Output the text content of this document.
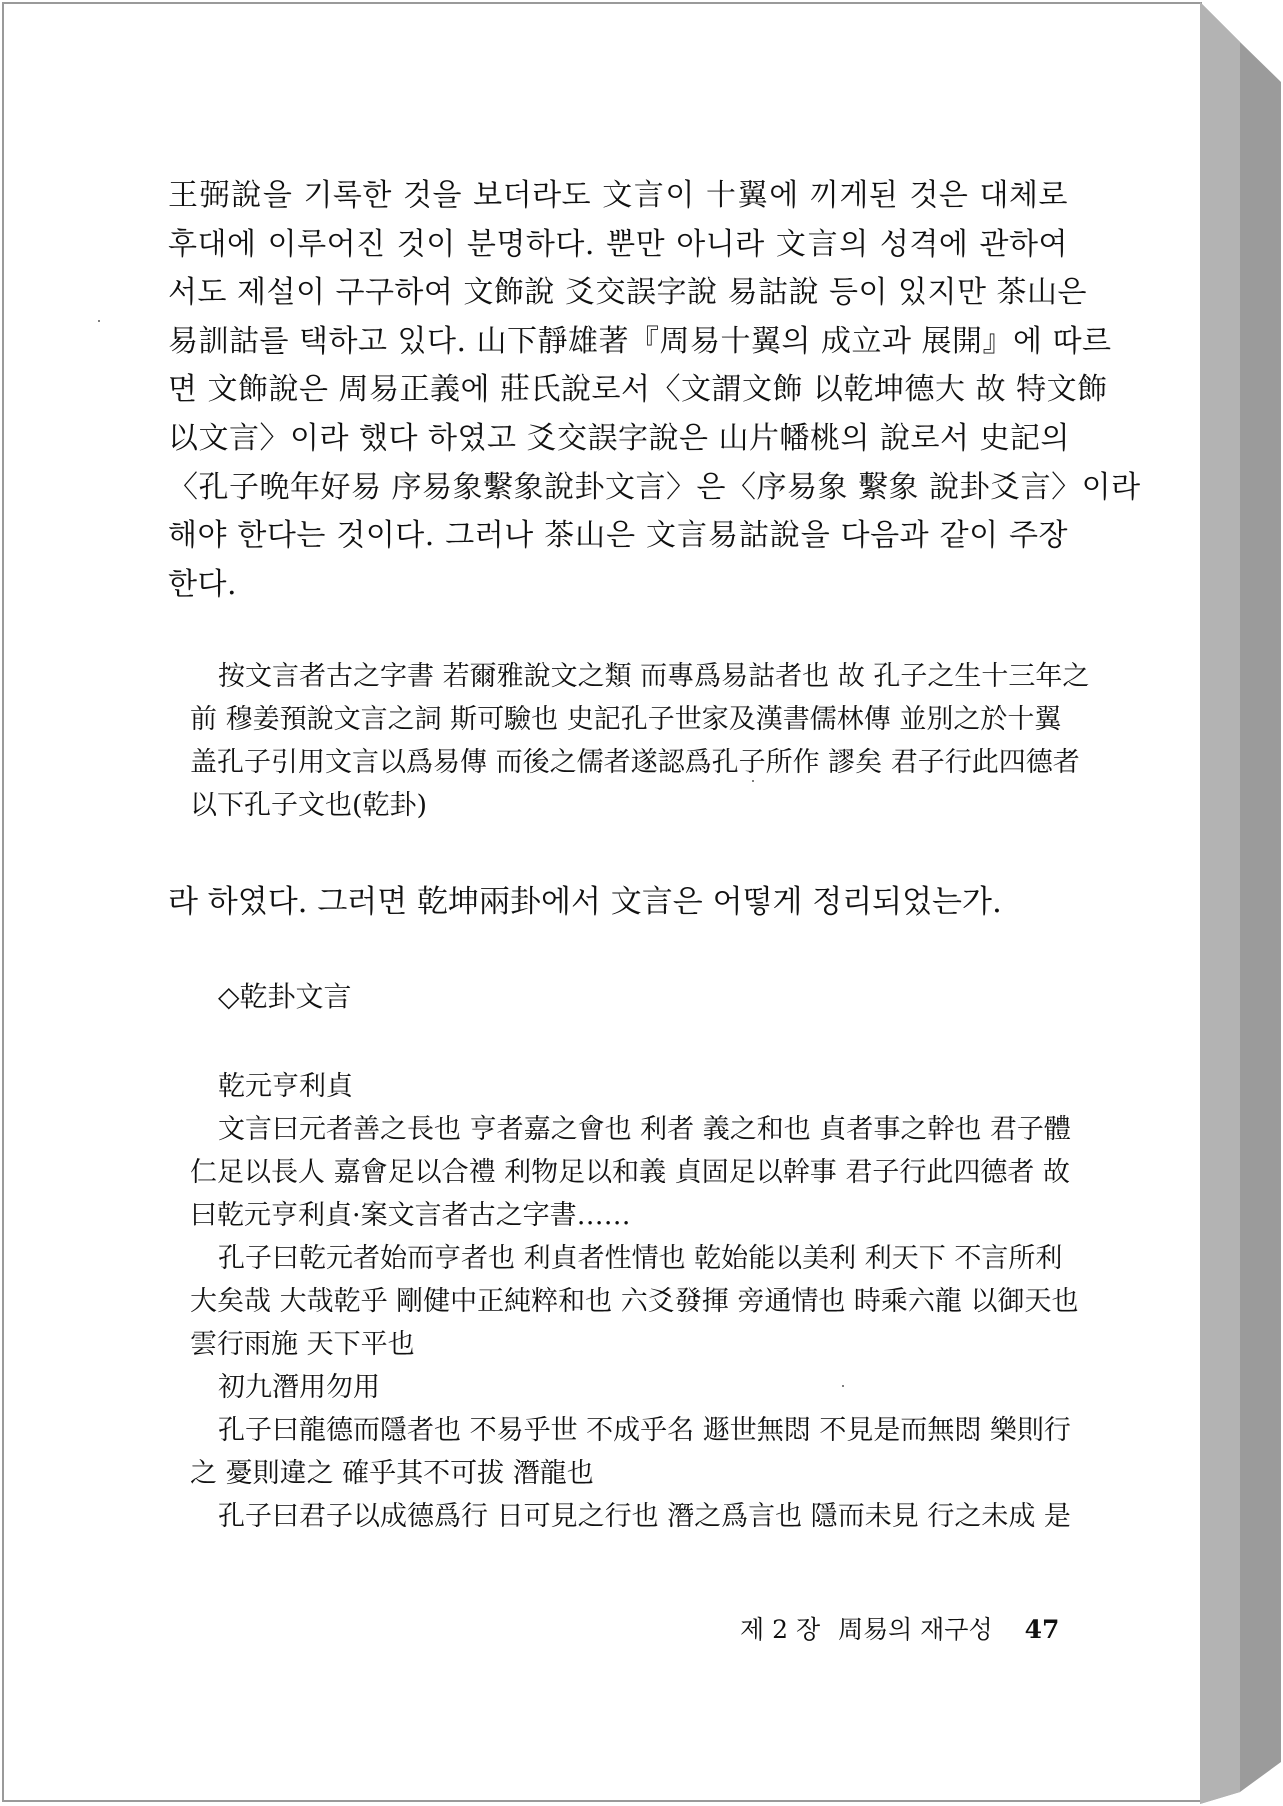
王弼說을 기록한 것을 보더라도 文言이 十翼에 끼게된 것은 대체로
후대에 이루어진 것이 분명하다. 뿐만 아니라 文言의 성격에 관하여
서도 제설이 구구하여 文飾說 爻交誤字說 易詁說 등이 있지만 茶山은
易訓詁를 택하고 있다. 山下靜雄著『周易十翼의 成立과 展開』에 따르
면 文飾說은 周易正義에 莊氏說로서〈文謂文飾 以乾坤德大 故 特文飾
以文言〉이라 했다 하였고 爻交誤字說은 山片幡桃의 說로서 史記의
〈孔子晩年好易 序易象繫象說卦文言〉은〈序易象 繫象 說卦爻言〉이라
해야 한다는 것이다. 그러나 茶山은 文言易詁說을 다음과 같이 주장
한다.
按文言者古之字書 若爾雅說文之類 而專爲易詁者也 故 孔子之生十三年之
前 穆姜預說文言之詞 斯可驗也 史記孔子世家及漢書儒林傳 並別之於十翼
盖孔子引用文言以爲易傳 而後之儒者遂認爲孔子所作 謬矣 君子行此四德者
以下孔子文也(乾卦)
라 하였다. 그러면 乾坤兩卦에서 文言은 어떻게 정리되었는가.
◇乾卦文言
乾元亨利貞
文言曰元者善之長也 亨者嘉之會也 利者 義之和也 貞者事之幹也 君子體
仁足以長人 嘉會足以合禮 利物足以和義 貞固足以幹事 君子行此四德者 故
曰乾元亨利貞·案文言者古之字書……
孔子曰乾元者始而亨者也 利貞者性情也 乾始能以美利 利天下 不言所利
大矣哉 大哉乾乎 剛健中正純粹和也 六爻發揮 旁通情也 時乘六龍 以御天也
雲行雨施 天下平也
初九潛用勿用
孔子曰龍德而隱者也 不易乎世 不成乎名 遯世無悶 不見是而無悶 樂則行
之 憂則違之 確乎其不可拔 潛龍也
孔子曰君子以成德爲行 日可見之行也 潛之爲言也 隱而未見 行之未成 是
제 2 장 周易의 재구성 47
